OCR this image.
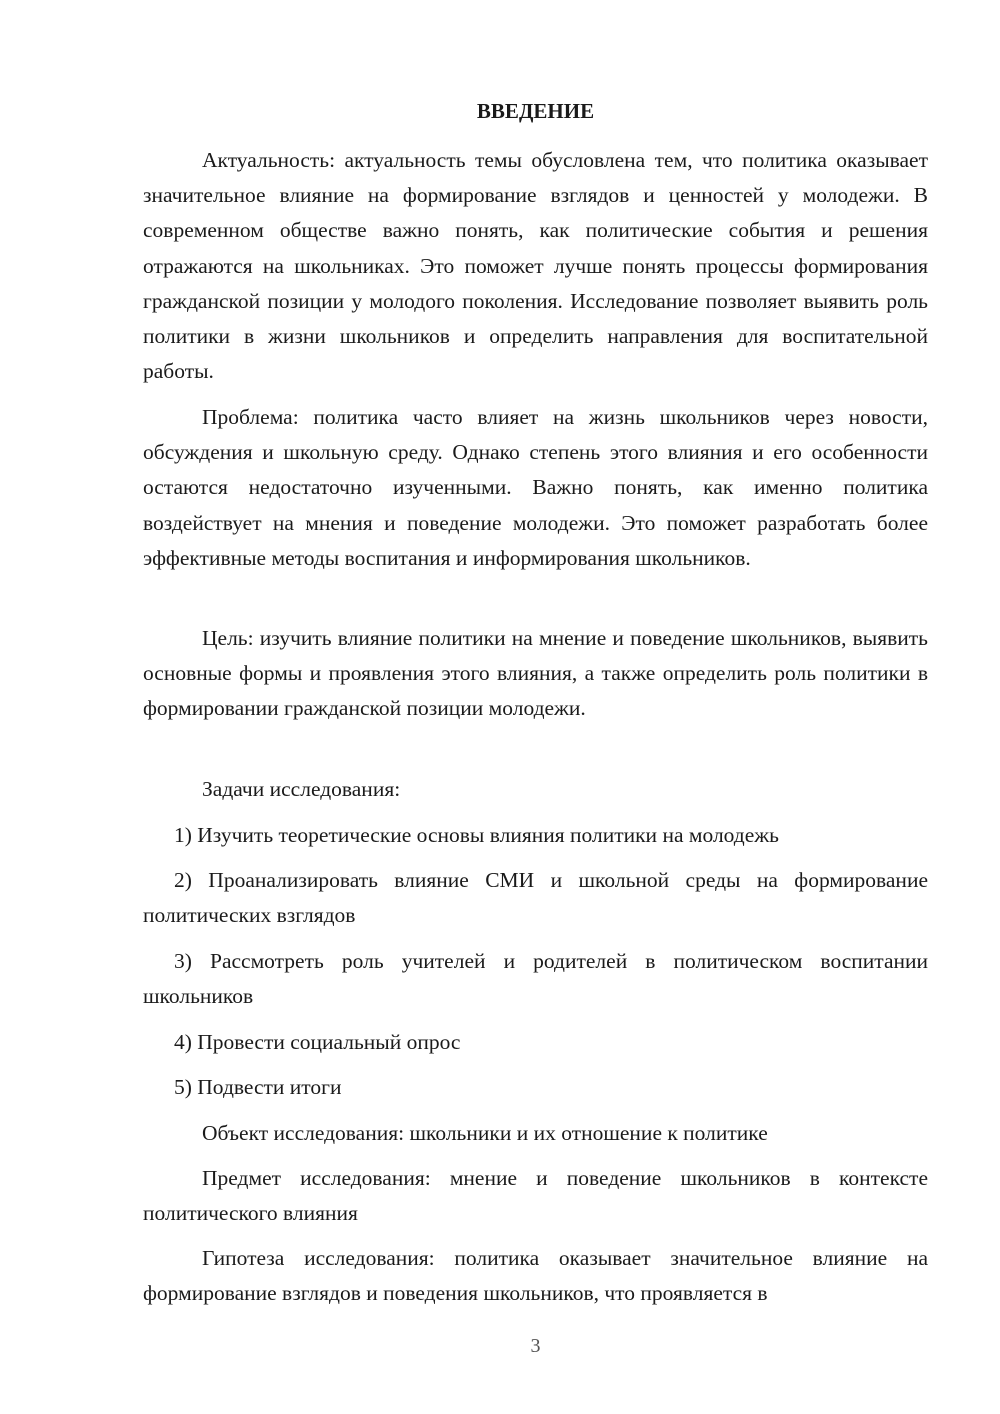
ВВЕДЕНИЕ

Актуальность: актуальность темы обусловлена тем, что политика оказывает значительное влияние на формирование взглядов и ценностей у молодежи. В современном обществе важно понять, как политические события и решения отражаются на школьниках. Это поможет лучше понять процессы формирования гражданской позиции у молодого поколения. Исследование позволяет выявить роль политики в жизни школьников и определить направления для воспитательной работы.

Проблема: политика часто влияет на жизнь школьников через новости, обсуждения и школьную среду. Однако степень этого влияния и его особенности остаются недостаточно изученными. Важно понять, как именно политика воздействует на мнения и поведение молодежи. Это поможет разработать более эффективные методы воспитания и информирования школьников.

Цель: изучить влияние политики на мнение и поведение школьников, выявить основные формы и проявления этого влияния, а также определить роль политики в формировании гражданской позиции молодежи.

Задачи исследования:

1) Изучить теоретические основы влияния политики на молодежь

2) Проанализировать влияние СМИ и школьной среды на формирование политических взглядов

3) Рассмотреть роль учителей и родителей в политическом воспитании школьников

4) Провести социальный опрос

5) Подвести итоги

Объект исследования: школьники и их отношение к политике

Предмет исследования: мнение и поведение школьников в контексте политического влияния

Гипотеза исследования: политика оказывает значительное влияние на формирование взглядов и поведения школьников, что проявляется в

3
